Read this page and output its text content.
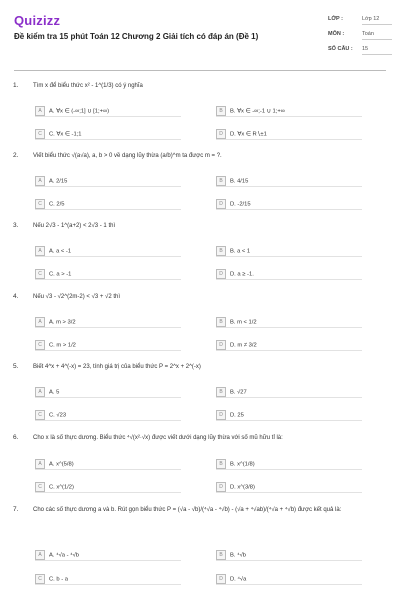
Quizizz
Đề kiểm tra 15 phút Toán 12 Chương 2 Giải tích có đáp án (Đề 1)
LỚP :	Lớp 12
MÔN :	Toán
SỐ CÂU : 15
1. Tìm x để biểu thức x² - 1^(1/3) có ý nghĩa
A A. ∀x ∈ (-∞;1] ∪ [1;+∞)	B B. ∀x ∈ -∞;-1 ∪ 1;+∞
C C. ∀x ∈ -1;1	D D. ∀x ∈ R∖±1
2. Viết biểu thức √(a√a), a, b > 0 về dạng lũy thừa (a/b)^m ta được m = ?.
A A. 2/15	B B. 4/15
C C. 2/5	D D. -2/15
3. Nếu 2√3 - 1^(a+2) < 2√3 - 1 thì
A A. a < -1	B B. a < 1
C C. a > -1	D D. a ≥ -1.
4. Nếu √3 - √2^(2m-2) < √3 + √2 thì
A A. m > 3/2	B B. m < 1/2
C C. m > 1/2	D D. m ≠ 3/2
5. Biết 4^x + 4^(-x) = 23, tính giá trị của biểu thức P = 2^x + 2^(-x)
A A. 5	B B. √27
C C. √23	D D. 25
6. Cho x là số thực dương. Biểu thức ⁴√(x²·√x) được viết dưới dạng lũy thừa với số mũ hữu tỉ là:
A A. x^(5/8)	B B. x^(1/8)
C C. x^(1/2)	D D. x^(3/8)
7. Cho các số thực dương a và b. Rút gọn biểu thức P = (√a - √b)/(⁴√a - ⁴√b) - (√a + ⁴√ab)/(⁴√a + ⁴√b) được kết quả là:
A A. ⁴√a - ⁴√b	B B. ⁴√b
C C. b - a	D D. ⁴√a
